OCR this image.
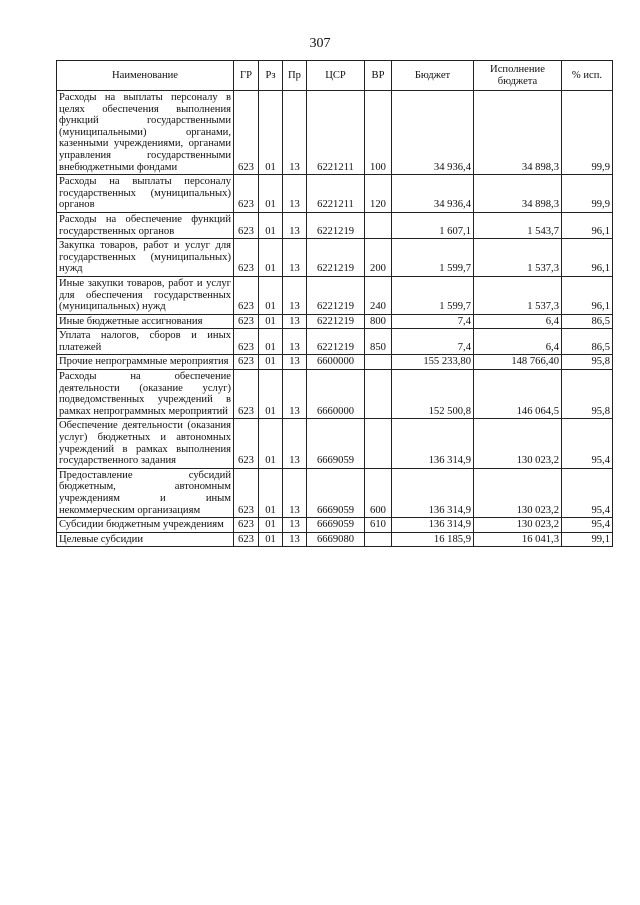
307
Наименование	ГР	Рз	Пр	ЦСР	ВР	Бюджет	Исполнение бюджета	% исп.
Расходы на выплаты персоналу в целях обеспечения выполнения функций государственными (муниципальными) органами, казенными учреждениями, органами управления государственными внебюджетными фондами	623	01	13	6221211	100	34 936,4	34 898,3	99,9
Расходы на выплаты персоналу государственных (муниципальных) органов	623	01	13	6221211	120	34 936,4	34 898,3	99,9
Расходы на обеспечение функций государственных органов	623	01	13	6221219		1 607,1	1 543,7	96,1
Закупка товаров, работ и услуг для государственных (муниципальных) нужд	623	01	13	6221219	200	1 599,7	1 537,3	96,1
Иные закупки товаров, работ и услуг для обеспечения государственных (муниципальных) нужд	623	01	13	6221219	240	1 599,7	1 537,3	96,1
Иные бюджетные ассигнования	623	01	13	6221219	800	7,4	6,4	86,5
Уплата налогов, сборов и иных платежей	623	01	13	6221219	850	7,4	6,4	86,5
Прочие непрограммные мероприятия	623	01	13	6600000		155 233,80	148 766,40	95,8
Расходы на обеспечение деятельности (оказание услуг) подведомственных учреждений в рамках непрограммных мероприятий	623	01	13	6660000		152 500,8	146 064,5	95,8
Обеспечение деятельности (оказания услуг) бюджетных и автономных учреждений в рамках выполнения государственного задания	623	01	13	6669059		136 314,9	130 023,2	95,4
Предоставление субсидий бюджетным, автономным учреждениям и иным некоммерческим организациям	623	01	13	6669059	600	136 314,9	130 023,2	95,4
Субсидии бюджетным учреждениям	623	01	13	6669059	610	136 314,9	130 023,2	95,4
Целевые субсидии	623	01	13	6669080		16 185,9	16 041,3	99,1
